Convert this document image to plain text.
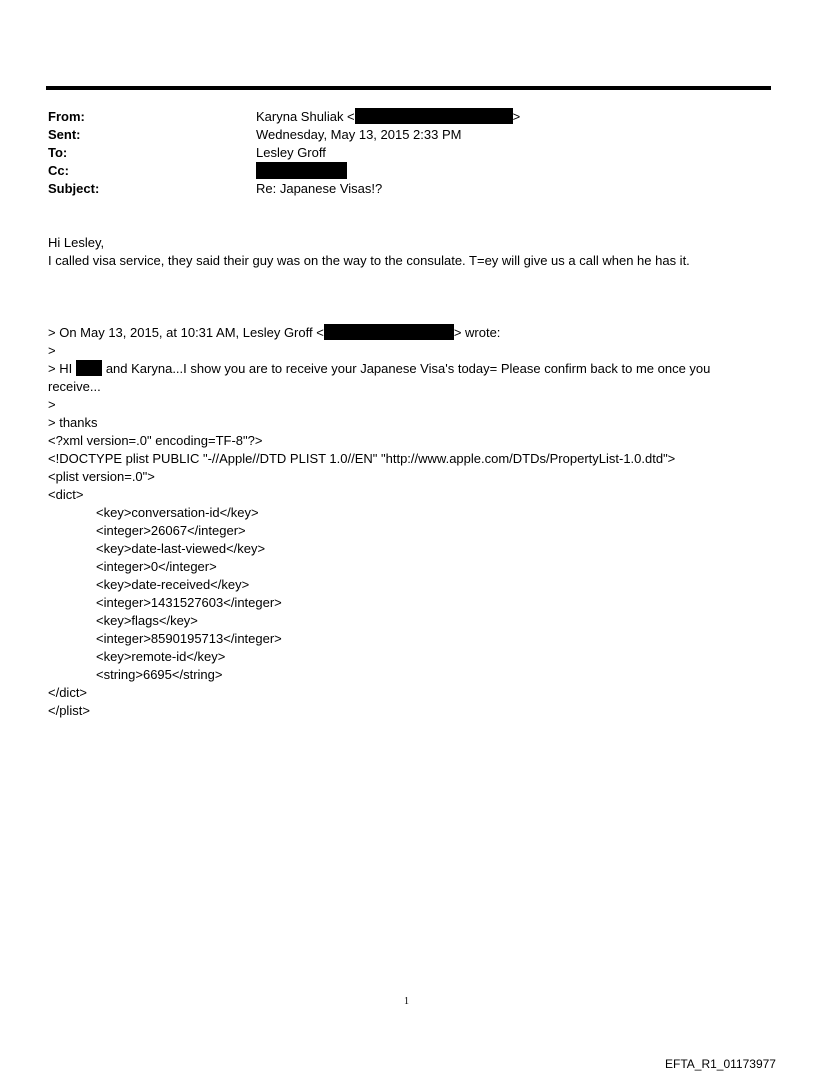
From:	Karyna Shuliak <	>
Sent:	Wednesday, May 13, 2015 2:33 PM
To:	Lesley Groff
Cc:
Subject:	Re: Japanese Visas!?
Hi Lesley,
I called visa service, they said their guy was on the way to the consulate. T=ey will give us a call when he has it.
> On May 13, 2015, at 10:31 AM, Lesley Groff <	> wrote:
>
> HI and Karyna...I show you are to receive your Japanese Visa's today= Please confirm back to me once you
receive...
>
> thanks
<?xml version=.0" encoding=TF-8"?>
<!DOCTYPE plist PUBLIC "-//Apple//DTD PLIST 1.0//EN" "http://www.apple.com/DTDs/PropertyList-1.0.dtd">
<plist version=.0">
<dict>
<key>conversation-id</key>
<integer>26067</integer>
<key>date-last-viewed</key>
<integer>0</integer>
<key>date-received</key>
<integer>1431527603</integer>
<key>flags</key>
<integer>8590195713</integer>
<key>remote-id</key>
<string>6695</string>
</dict>
</plist>
1
EFTA_R1_01173977
